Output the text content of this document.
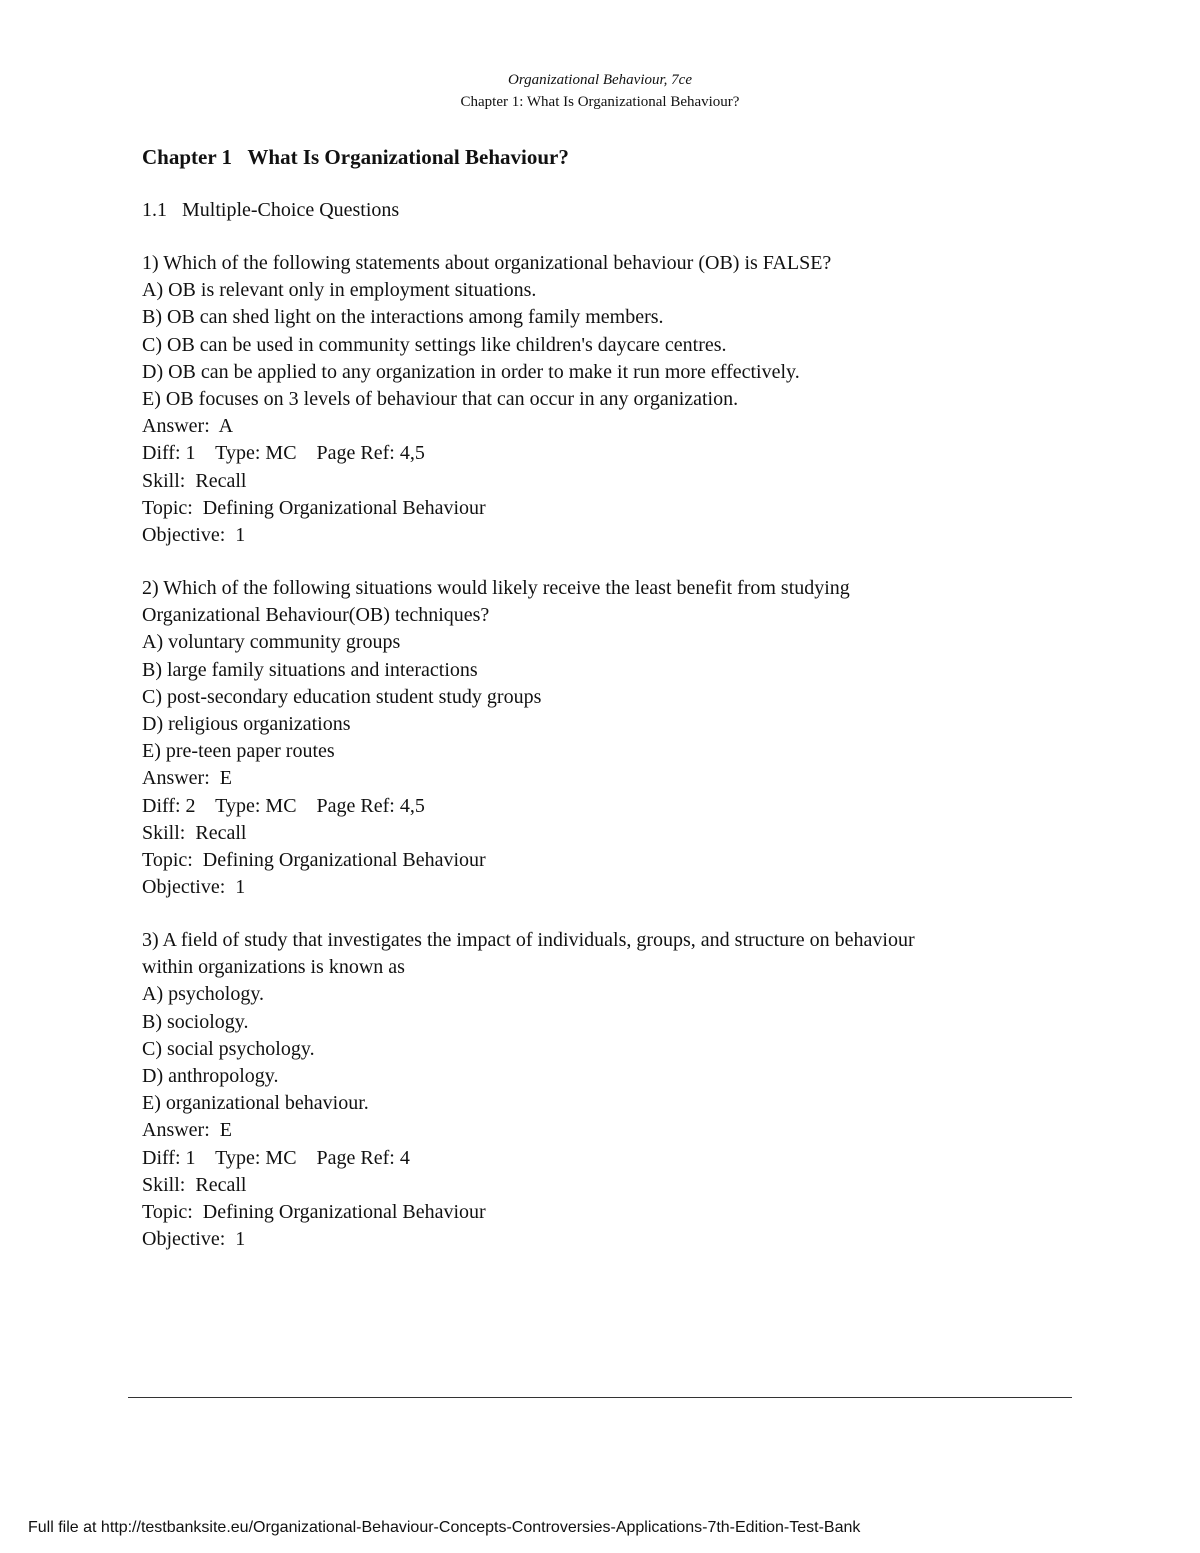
Organizational Behaviour, 7ce
Chapter 1: What Is Organizational Behaviour?
Chapter 1   What Is Organizational Behaviour?
1.1   Multiple-Choice Questions
1) Which of the following statements about organizational behaviour (OB) is FALSE?
A) OB is relevant only in employment situations.
B) OB can shed light on the interactions among family members.
C) OB can be used in community settings like children's daycare centres.
D) OB can be applied to any organization in order to make it run more effectively.
E) OB focuses on 3 levels of behaviour that can occur in any organization.
Answer:  A
Diff: 1    Type: MC    Page Ref: 4,5
Skill:  Recall
Topic:  Defining Organizational Behaviour
Objective:  1
2) Which of the following situations would likely receive the least benefit from studying
Organizational Behaviour(OB) techniques?
A) voluntary community groups
B) large family situations and interactions
C) post-secondary education student study groups
D) religious organizations
E) pre-teen paper routes
Answer:  E
Diff: 2    Type: MC    Page Ref: 4,5
Skill:  Recall
Topic:  Defining Organizational Behaviour
Objective:  1
3) A field of study that investigates the impact of individuals, groups, and structure on behaviour
within organizations is known as
A) psychology.
B) sociology.
C) social psychology.
D) anthropology.
E) organizational behaviour.
Answer:  E
Diff: 1    Type: MC    Page Ref: 4
Skill:  Recall
Topic:  Defining Organizational Behaviour
Objective:  1
Full file at http://testbanksite.eu/Organizational-Behaviour-Concepts-Controversies-Applications-7th-Edition-Test-Bank
